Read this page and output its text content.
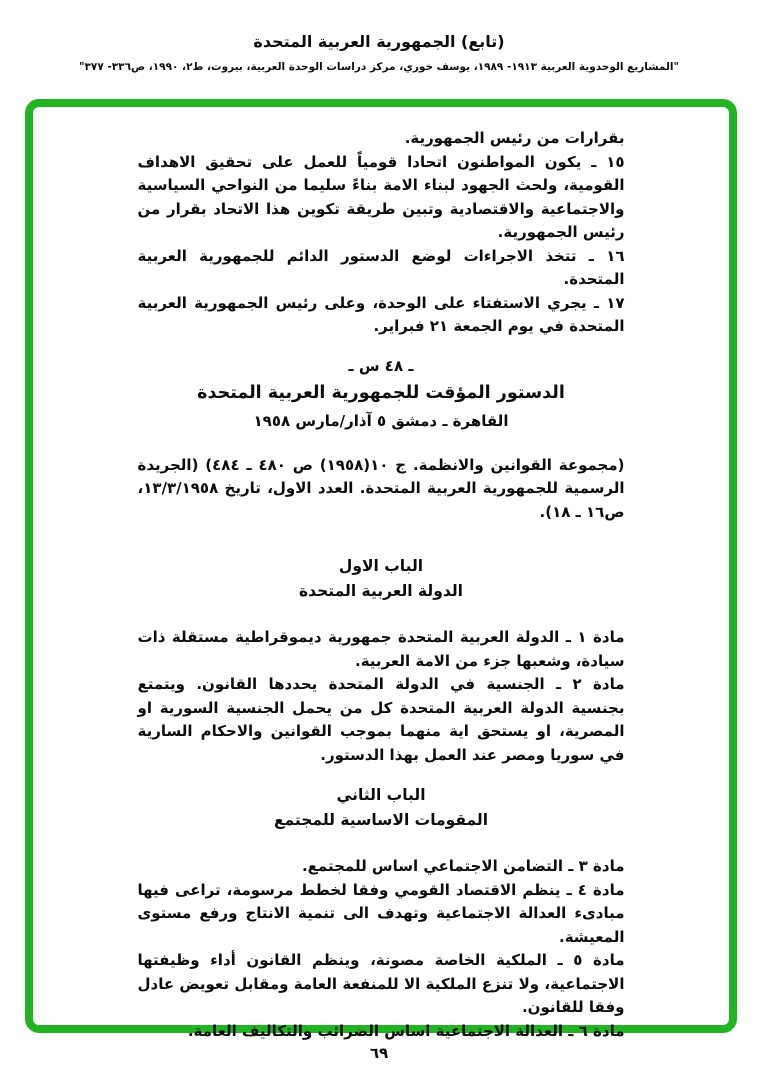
(تابع) الجمهورية العربية المتحدة
"المشاريع الوحدوية العربية ١٩١٣- ١٩٨٩، يوسف خوري، مركز دراسات الوحدة العربية، بيروت، ط٢، ١٩٩٠، ص٣٣٦- ٣٧٧"

بقرارات من رئيس الجمهورية.

١٥ ـ يكون المواطنون اتحادا قومياً للعمل على تحقيق الاهداف القومية، ولحث الجهود لبناء الامة بناءً سليما من النواحي السياسية والاجتماعية والاقتصادية وتبين طريقة تكوين هذا الاتحاد بقرار من رئيس الجمهورية.

١٦ ـ تتخذ الاجراءات لوضع الدستور الدائم للجمهورية العربية المتحدة.

١٧ ـ يجري الاستفتاء على الوحدة، وعلى رئيس الجمهورية العربية المتحدة في يوم الجمعة ٢١ فبراير.

ـ ٤٨ س ـ
الدستور المؤقت للجمهورية العربية المتحدة
القاهرة ـ دمشق ٥ آذار/مارس ١٩٥٨

(مجموعة القوانين والانظمة. ج ١٠(١٩٥٨) ص ٤٨٠ ـ ٤٨٤) (الجريدة الرسمية للجمهورية العربية المتحدة. العدد الاول، تاريخ ١٣/٣/١٩٥٨، ص١٦ ـ ١٨).

الباب الاول
الدولة العربية المتحدة

مادة ١ ـ الدولة العربية المتحدة جمهورية ديموقراطية مستقلة ذات سيادة، وشعبها جزء من الامة العربية.

مادة ٢ ـ الجنسية في الدولة المتحدة يحددها القانون. ويتمتع بجنسية الدولة العربية المتحدة كل من يحمل الجنسية السورية او المصرية، او يستحق اية منهما بموجب القوانين والاحكام السارية في سوريا ومصر عند العمل بهذا الدستور.

الباب الثاني
المقومات الاساسية للمجتمع

مادة ٣ ـ التضامن الاجتماعي اساس للمجتمع.

مادة ٤ ـ ينظم الاقتصاد القومي وفقا لخطط مرسومة، تراعى فيها مبادىء العدالة الاجتماعية وتهدف الى تنمية الانتاج ورفع مستوى المعيشة.

مادة ٥ ـ الملكية الخاصة مصونة، وينظم القانون أداء وظيفتها الاجتماعية، ولا تنزع الملكية الا للمنفعة العامة ومقابل تعويض عادل وفقا للقانون.

مادة ٦ ـ العدالة الاجتماعية اساس الضرائب والتكاليف العامة.

٦٩
